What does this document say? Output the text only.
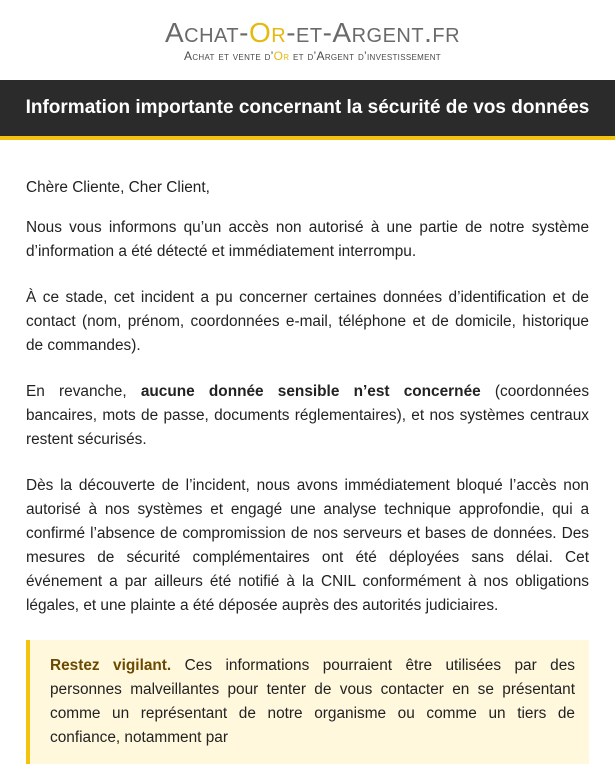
Achat-Or-et-Argent.fr
Achat et vente d’Or et d’Argent d’investissement
Information importante concernant la sécurité de vos données

Chère Cliente, Cher Client,

Nous vous informons qu’un accès non autorisé à une partie de notre système d’information a été détecté et immédiatement interrompu.

À ce stade, cet incident a pu concerner certaines données d’identification et de contact (nom, prénom, coordonnées e-mail, téléphone et de domicile, historique de commandes).

En revanche, aucune donnée sensible n’est concernée (coordonnées bancaires, mots de passe, documents réglementaires), et nos systèmes centraux restent sécurisés.

Dès la découverte de l’incident, nous avons immédiatement bloqué l’accès non autorisé à nos systèmes et engagé une analyse technique approfondie, qui a confirmé l’absence de compromission de nos serveurs et bases de données. Des mesures de sécurité complémentaires ont été déployées sans délai. Cet événement a par ailleurs été notifié à la CNIL conformément à nos obligations légales, et une plainte a été déposée auprès des autorités judiciaires.

Restez vigilant. Ces informations pourraient être utilisées par des personnes malveillantes pour tenter de vous contacter en se présentant comme un représentant de notre organisme ou comme un tiers de confiance, notamment par
